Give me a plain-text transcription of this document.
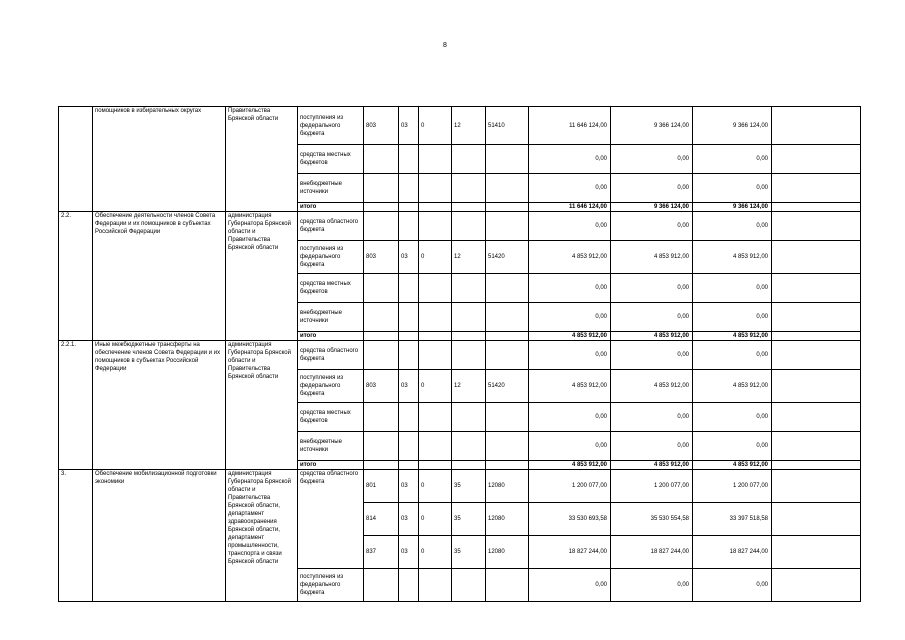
8
	помощников в избирательных округах	Правительства Брянской области	поступления из федерального бюджета	803	03	0	12	51410	11 646 124,00	9 366 124,00	9 366 124,00	
			средства местных бюджетов						0,00	0,00	0,00	
			внебюджетные источники						0,00	0,00	0,00	
			итого						11 646 124,00	9 366 124,00	9 366 124,00	
2.2.	Обеспечение деятельности членов Совета Федерации и их помощников в субъектах Российской Федерации	администрация Губернатора Брянской области и Правительства Брянской области	средства областного бюджета						0,00	0,00	0,00	
			поступления из федерального бюджета	803	03	0	12	51420	4 853 912,00	4 853 912,00	4 853 912,00	
			средства местных бюджетов						0,00	0,00	0,00	
			внебюджетные источники						0,00	0,00	0,00	
			итого						4 853 912,00	4 853 912,00	4 853 912,00	
2.2.1.	Иные межбюджетные трансферты на обеспечение членов Совета Федерации и их помощников в субъектах Российской Федерации	администрация Губернатора Брянской области и Правительства Брянской области	средства областного бюджета						0,00	0,00	0,00	
			поступления из федерального бюджета	803	03	0	12	51420	4 853 912,00	4 853 912,00	4 853 912,00	
			средства местных бюджетов						0,00	0,00	0,00	
			внебюджетные источники						0,00	0,00	0,00	
			итого						4 853 912,00	4 853 912,00	4 853 912,00	
3.	Обеспечение мобилизационной подготовки экономики	администрация Губернатора Брянской области и Правительства Брянской области, департамент здравоохранения Брянской области, департамент промышленности, транспорта и связи Брянской области	средства областного бюджета	801	03	0	35	12080	1 200 077,00	1 200 077,00	1 200 077,00	
				814	03	0	35	12080	33 530 693,58	35 530 554,58	33 397 518,58	
				837	03	0	35	12080	18 827 244,00	18 827 244,00	18 827 244,00	
			поступления из федерального бюджета						0,00	0,00	0,00	
